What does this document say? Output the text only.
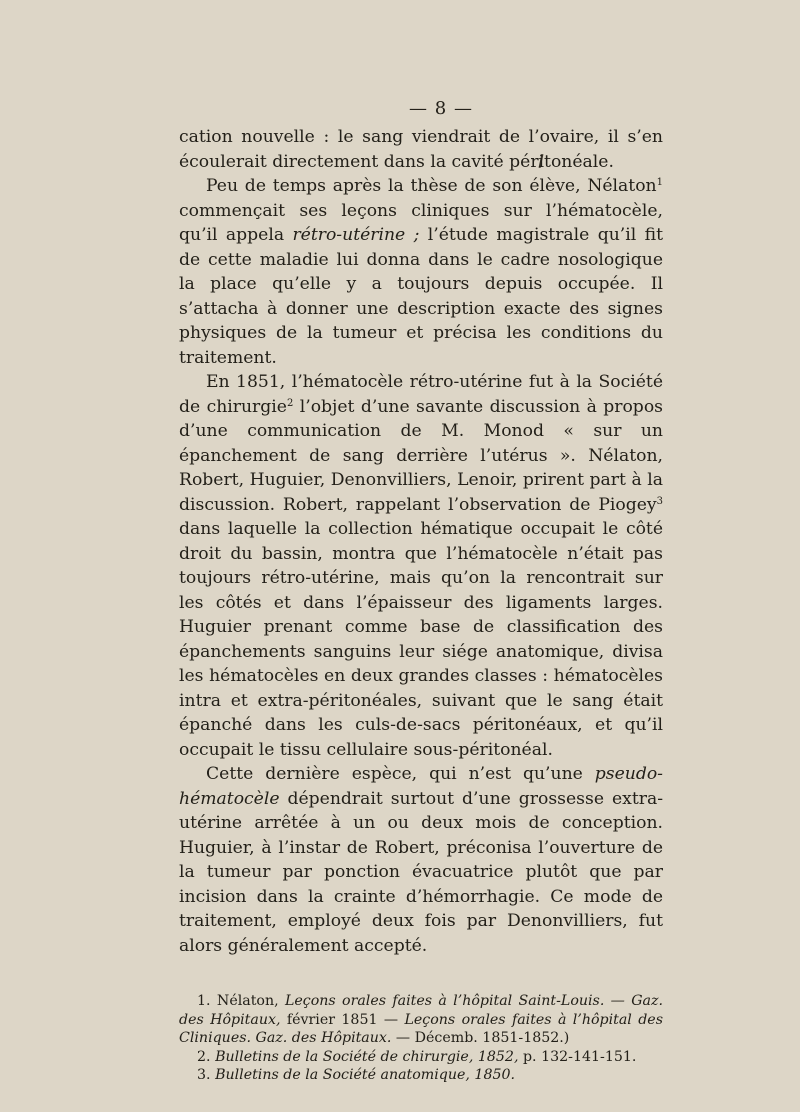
— 8 —

cation nouvelle : le sang viendrait de l’ovaire, il s’en écoulerait directement dans la cavité péritonéale.

Peu de temps après la thèse de son élève, Nélaton$^1$ commençait ses leçons cliniques sur l’hématocèle, qu’il appela rétro-utérine ; l’étude magistrale qu’il fit de cette maladie lui donna dans le cadre nosologique la place qu’elle y a toujours depuis occupée. Il s’attacha à donner une description exacte des signes physiques de la tumeur et précisa les conditions du traitement.

En 1851, l’hématocèle rétro-utérine fut à la Société de chirurgie$^2$ l’objet d’une savante discussion à propos d’une communication de M. Monod « sur un épanchement de sang derrière l’utérus ». Nélaton, Robert, Huguier, Denonvilliers, Lenoir, prirent part à la discussion. Robert, rappelant l’observation de Piogey$^3$ dans laquelle la collection hématique occupait le côté droit du bassin, montra que l’hématocèle n’était pas toujours rétro-utérine, mais qu’on la rencontrait sur les côtés et dans l’épaisseur des ligaments larges. Huguier prenant comme base de classification des épanchements sanguins leur siége anatomique, divisa les hématocèles en deux grandes classes : hématocèles intra et extra-péritonéales, suivant que le sang était épanché dans les culs-de-sacs péritonéaux, et qu’il occupait le tissu cellulaire sous-péritonéal.

Cette dernière espèce, qui n’est qu’une pseudo-hématocèle dépendrait surtout d’une grossesse extra-utérine arrêtée à un ou deux mois de conception. Huguier, à l’instar de Robert, préconisa l’ouverture de la tumeur par ponction évacuatrice plutôt que par incision dans la crainte d’hémorrhagie. Ce mode de traitement, employé deux fois par Denonvilliers, fut alors généralement accepté.

1. Nélaton, Leçons orales faites à l’hôpital Saint-Louis. — Gaz. des Hôpitaux, février 1851 — Leçons orales faites à l’hôpital des Cliniques. Gaz. des Hôpitaux. — Décemb. 1851-1852.)

2. Bulletins de la Société de chirurgie, 1852, p. 132-141-151.

3. Bulletins de la Société anatomique, 1850.
